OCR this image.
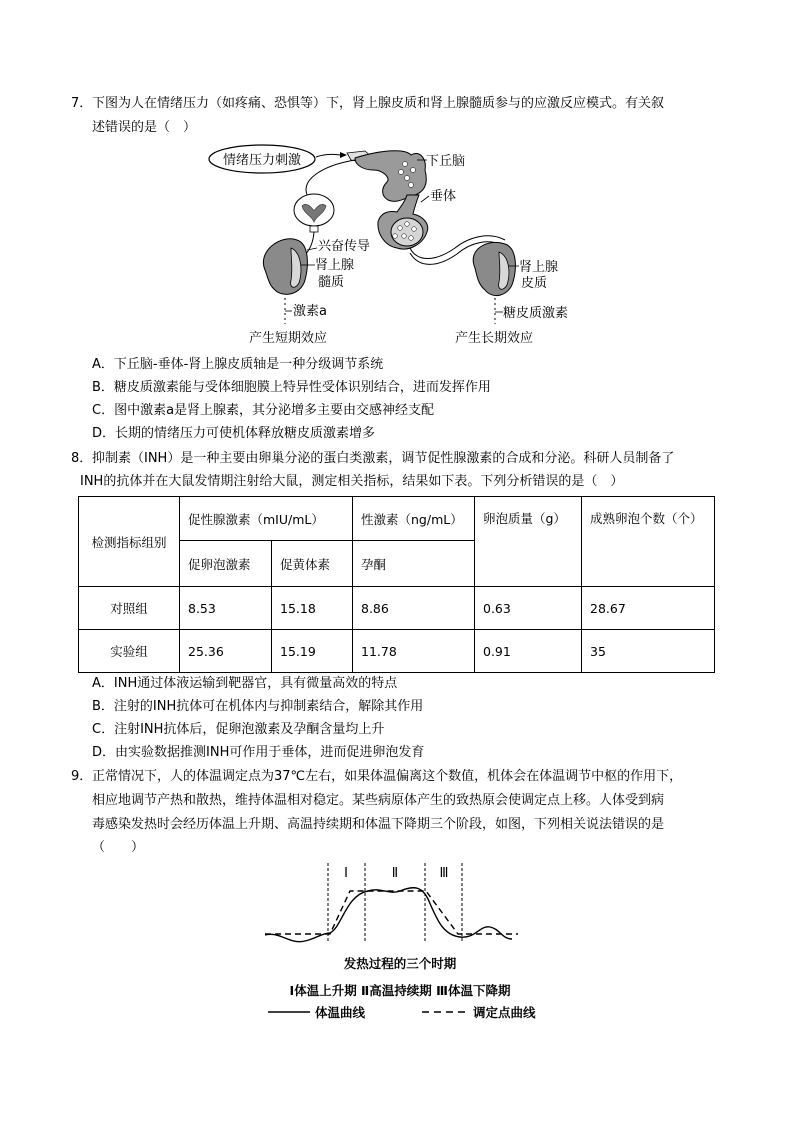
7． 下图为人在情绪压力（如疼痛、恐惧等）下，肾上腺皮质和肾上腺髓质参与的应激反应模式。有关叙
述错误的是（　）
情绪压力刺激
兴奋传导
肾上腺
髓质
激素a
产生短期效应
下丘脑
垂体
肾上腺
皮质
糖皮质激素
产生长期效应
A．下丘脑-垂体-肾上腺皮质轴是一种分级调节系统
B．糖皮质激素能与受体细胞膜上特异性受体识别结合，进而发挥作用
C．图中激素a是肾上腺素，其分泌增多主要由交感神经支配
D．长期的情绪压力可使机体释放糖皮质激素增多
8． 抑制素（INH）是一种主要由卵巢分泌的蛋白类激素，调节促性腺激素的合成和分泌。科研人员制备了
INH的抗体并在大鼠发情期注射给大鼠，测定相关指标，结果如下表。下列分析错误的是（　）
检测指标组别	促性腺激素（mIU/mL）		性激素（ng/mL）	卵泡质量（g）	成熟卵泡个数（个）
	促卵泡激素	促黄体素	孕酮		
对照组	8.53	15.18	8.86	0.63	28.67
实验组	25.36	15.19	11.78	0.91	35
A．INH通过体液运输到靶器官，具有微量高效的特点
B．注射的INH抗体可在机体内与抑制素结合，解除其作用
C．注射INH抗体后，促卵泡激素及孕酮含量均上升
D．由实验数据推测INH可作用于垂体，进而促进卵泡发育
9． 正常情况下，人的体温调定点为37℃左右，如果体温偏离这个数值，机体会在体温调节中枢的作用下，
相应地调节产热和散热，维持体温相对稳定。某些病原体产生的致热原会使调定点上移。人体受到病
毒感染发热时会经历体温上升期、高温持续期和体温下降期三个阶段，如图，下列相关说法错误的是
（　　）
Ⅰ	Ⅱ	Ⅲ
发热过程的三个时期
Ⅰ体温上升期 Ⅱ高温持续期 Ⅲ体温下降期
体温曲线	调定点曲线
